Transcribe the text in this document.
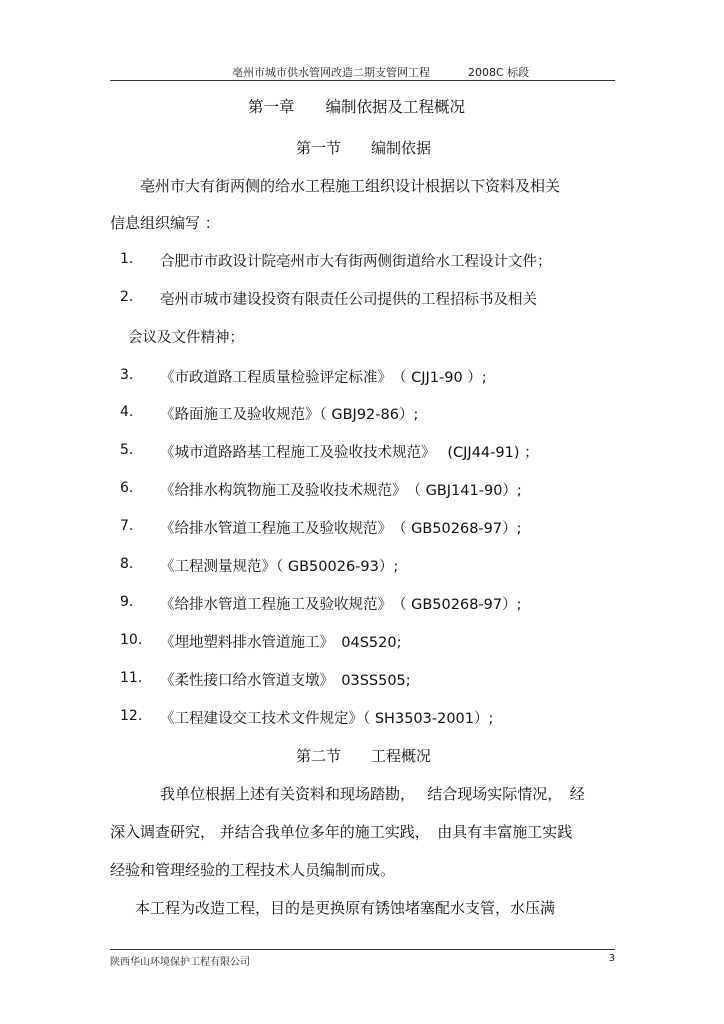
亳州市城市供水管网改造二期支管网工程	2008C 标段
第一章　　编制依据及工程概况
第一节　　编制依据
亳州市大有街两侧的给水工程施工组织设计根据以下资料及相关
信息组织编写 ：
1. 合肥市市政设计院亳州市大有街两侧街道给水工程设计文件；
2. 亳州市城市建设投资有限责任公司提供的工程招标书及相关
会议及文件精神；
3. 《市政道路工程质量检验评定标准》　（ CJJ1-90 ）;
4. 《路面施工及验收规范》（ GBJ92-86）;
5. 《城市道路路基工程施工及验收技术规范》　 (CJJ44-91) ；
6. 《给排水构筑物施工及验收技术规范》　（ GBJ141-90）;
7. 《给排水管道工程施工及验收规范》　（ GB50268-97）;
8. 《工程测量规范》（ GB50026-93）;
9. 《给排水管道工程施工及验收规范》　（ GB50268-97）;
10. 《埋地塑料排水管道施工》　04S520;
11. 《柔性接口给水管道支墩》　03SS505;
12. 《工程建设交工技术文件规定》（ SH3503-2001）;
第二节　　工程概况
我单位根据上述有关资料和现场踏勘，　 结合现场实际情况，　经
深入调查研究， 并结合我单位多年的施工实践，　由具有丰富施工实践
经验和管理经验的工程技术人员编制而成。
本工程为改造工程，目的是更换原有锈蚀堵塞配水支管，水压满
陕西华山环境保护工程有限公司	3
